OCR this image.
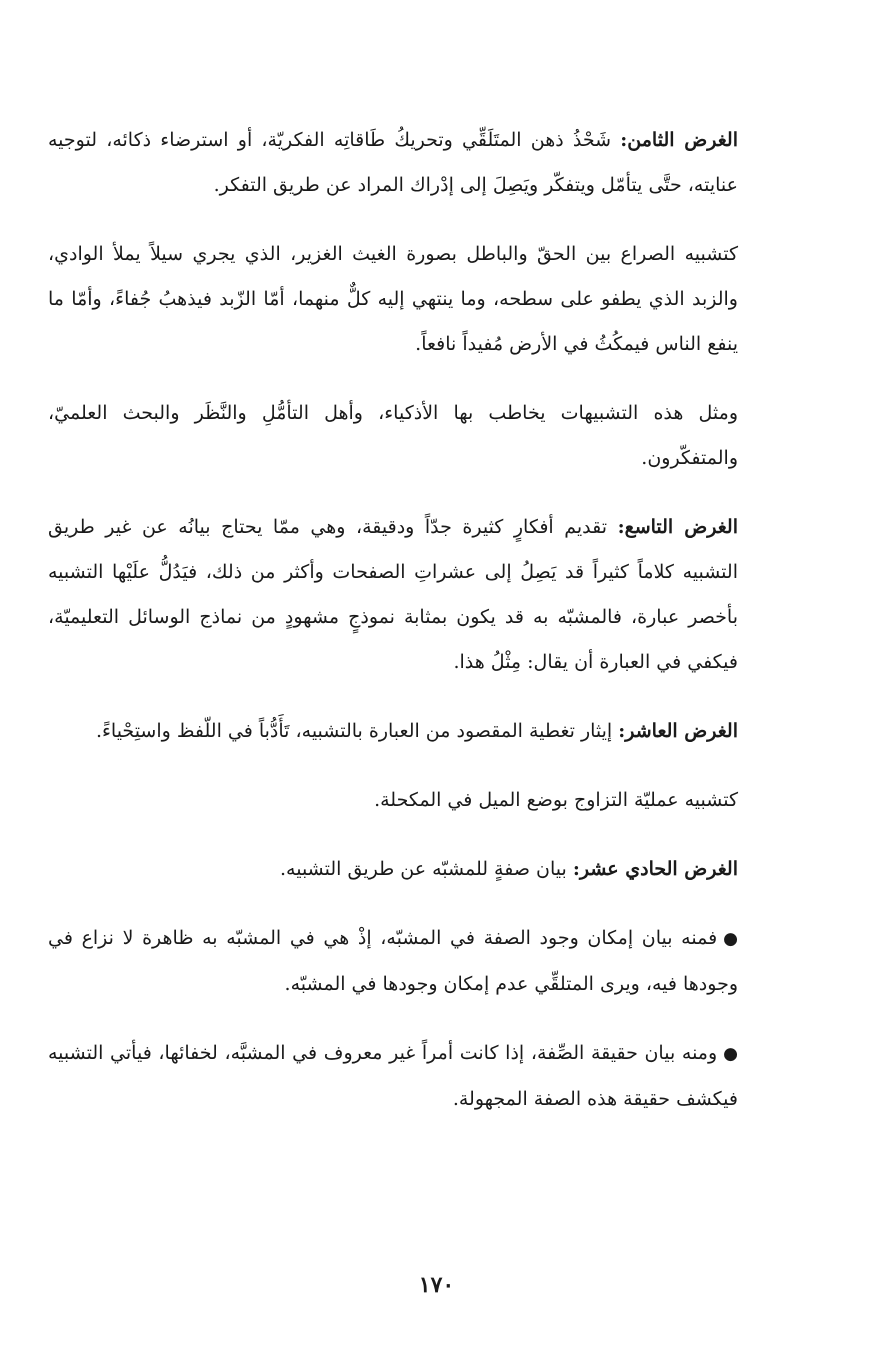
الغرض الثامن: شَحْذُ ذهن المتَلَقِّي وتحريكُ طَاقاتِه الفكريّة، أو استرضاء ذكائه، لتوجيه عنايته، حتَّى يتأمّل ويتفكّر ويَصِلَ إلى إدْراك المراد عن طريق التفكر.

كتشبيه الصراع بين الحقّ والباطل بصورة الغيث الغزير، الذي يجري سيلاً يملأ الوادي، والزبد الذي يطفو على سطحه، وما ينتهي إليه كلٌّ منهما، أمّا الزّبد فيذهبُ جُفاءً، وأمّا ما ينفع الناس فيمكُثُ في الأرض مُفيداً نافعاً.

ومثل هذه التشبيهات يخاطب بها الأذكياء، وأهل التأمُّلِ والنَّظَر والبحث العلميّ، والمتفكّرون.

الغرض التاسع: تقديم أفكارٍ كثيرة جدّاً ودقيقة، وهي ممّا يحتاج بيانُه عن غير طريق التشبيه كلاماً كثيراً قد يَصِلُ إلى عشراتِ الصفحات وأكثر من ذلك، فيَدُلُّ علَيْها التشبيه بأخصر عبارة، فالمشبّه به قد يكون بمثابة نموذجٍ مشهودٍ من نماذج الوسائل التعليميّة، فيكفي في العبارة أن يقال: مِثْلُ هذا.

الغرض العاشر: إيثار تغطية المقصود من العبارة بالتشبيه، تَأَدُّباً في اللّفظ واستِحْياءً.

كتشبيه عمليّة التزاوج بوضع الميل في المكحلة.

الغرض الحادي عشر: بيان صفةٍ للمشبّه عن طريق التشبيه.

●فمنه بيان إمكان وجود الصفة في المشبّه، إذْ هي في المشبّه به ظاهرة لا نزاع في وجودها فيه، ويرى المتلقِّي عدم إمكان وجودها في المشبّه.

●ومنه بيان حقيقة الصِّفة، إذا كانت أمراً غير معروف في المشبَّه، لخفائها، فيأتي التشبيه فيكشف حقيقة هذه الصفة المجهولة.

١٧٠
